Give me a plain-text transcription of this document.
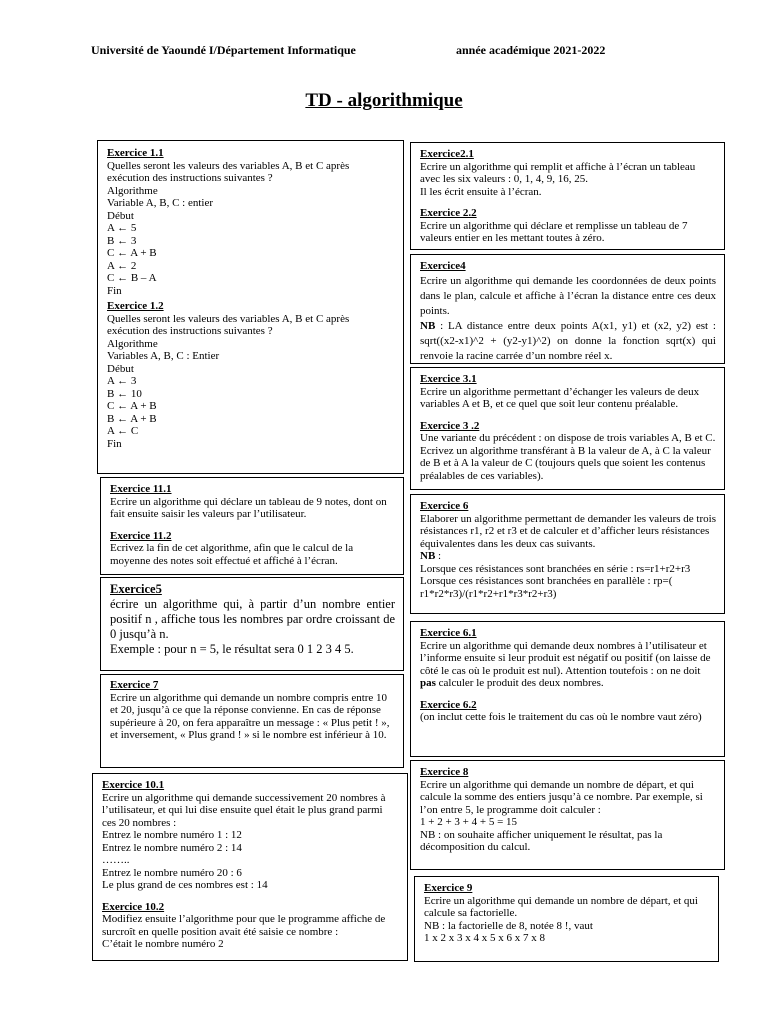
Université de Yaoundé I/Département Informatique	année académique 2021-2022
TD - algorithmique
Exercice 1.1
Quelles seront les valeurs des variables A, B et C après
exécution des instructions suivantes ?
Algorithme
Variable A, B, C : entier
Début
A ← 5
B ← 3
C ← A + B
A ← 2
C ← B – A
Fin
Exercice 1.2
Quelles seront les valeurs des variables A, B et C après
exécution des instructions suivantes ?
Algorithme
Variables A, B, C : Entier
Début
A ← 3
B ← 10
C ← A + B
B ← A + B
A ← C
Fin
Exercice 11.1
Ecrire un algorithme qui déclare un tableau de 9 notes, dont on fait ensuite saisir les valeurs par l’utilisateur.
Exercice 11.2
Ecrivez la fin de cet algorithme, afin que le calcul de la moyenne des notes soit effectué et affiché à l’écran.
Exercice5
écrire un algorithme qui, à partir d’un nombre entier positif n , affiche tous les nombres par ordre croissant de 0 jusqu’à n.
Exemple : pour n = 5, le résultat sera 0 1 2 3 4 5.
Exercice 7
Ecrire un algorithme qui demande un nombre compris entre 10 et 20, jusqu’à ce que la réponse convienne. En cas de réponse supérieure à 20, on fera apparaître un message : « Plus petit ! », et inversement, « Plus grand ! » si le nombre est inférieur à 10.
Exercice 10.1
Ecrire un algorithme qui demande successivement 20 nombres à l’utilisateur, et qui lui dise ensuite quel était le plus grand parmi ces 20 nombres :
Entrez le nombre numéro 1 : 12
Entrez le nombre numéro 2 : 14
……..
Entrez le nombre numéro 20 : 6
Le plus grand de ces nombres est : 14
Exercice 10.2
Modifiez ensuite l’algorithme pour que le programme affiche de surcroît en quelle position avait été saisie ce nombre :
C’était le nombre numéro 2
Exercice2.1
Ecrire un algorithme qui remplit et affiche à l’écran un tableau avec les six valeurs : 0, 1, 4, 9, 16, 25.
Il les écrit ensuite à l’écran.
Exercice 2.2
Ecrire un algorithme qui déclare et remplisse un tableau de 7 valeurs entier en les mettant toutes à zéro.
Exercice4
Ecrire un algorithme qui demande les coordonnées de deux points dans le plan, calcule et affiche à l’écran la distance entre ces deux points.
NB : LA distance entre deux points A(x1, y1) et (x2, y2) est : sqrt((x2-x1)^2 + (y2-y1)^2) on donne la fonction sqrt(x) qui renvoie la racine carrée d’un nombre réel x.
Exercice 3.1
Ecrire un algorithme permettant d’échanger les valeurs de deux variables A et B, et ce quel que soit leur contenu préalable.
Exercice 3 .2
Une variante du précédent : on dispose de trois variables A, B et C. Ecrivez un algorithme transférant à B la valeur de A, à C la valeur de B et à A la valeur de C (toujours quels que soient les contenus préalables de ces variables).
Exercice 6
Elaborer un algorithme permettant de demander les valeurs de trois résistances r1, r2 et r3 et de calculer et d’afficher leurs résistances équivalentes dans les deux cas suivants.
NB :
Lorsque ces résistances sont branchées en série : rs=r1+r2+r3
Lorsque ces résistances sont branchées en parallèle : rp=( r1*r2*r3)/(r1*r2+r1*r3*r2+r3)
Exercice 6.1
Ecrire un algorithme qui demande deux nombres à l’utilisateur et l’informe ensuite si leur produit est négatif ou positif (on laisse de côté le cas où le produit est nul). Attention toutefois : on ne doit pas calculer le produit des deux nombres.
Exercice 6.2
(on inclut cette fois le traitement du cas où le nombre vaut zéro)
Exercice 8
Ecrire un algorithme qui demande un nombre de départ, et qui calcule la somme des entiers jusqu’à ce nombre. Par exemple, si l’on entre 5, le programme doit calculer :
1 + 2 + 3 + 4 + 5 = 15
NB : on souhaite afficher uniquement le résultat, pas la décomposition du calcul.
Exercice 9
Ecrire un algorithme qui demande un nombre de départ, et qui calcule sa factorielle.
NB : la factorielle de 8, notée 8 !, vaut
1 x 2 x 3 x 4 x 5 x 6 x 7 x 8
